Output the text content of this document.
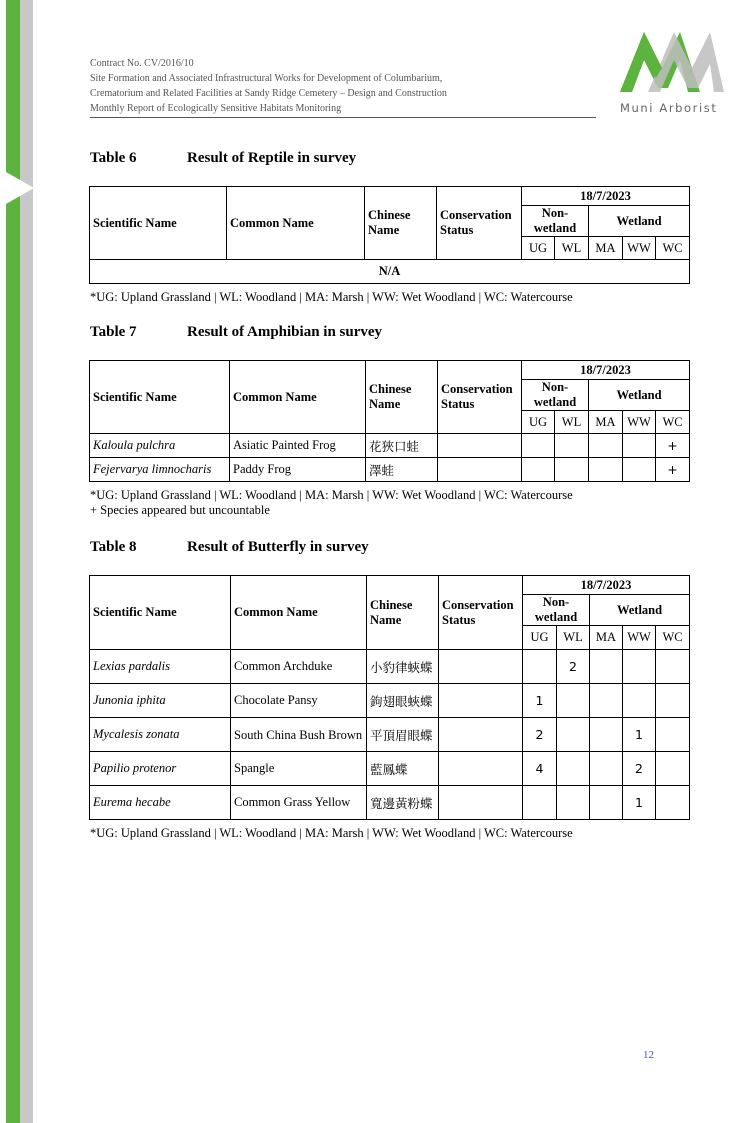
Contract No. CV/2016/10
Site Formation and Associated Infrastructural Works for Development of Columbarium,
Crematorium and Related Facilities at Sandy Ridge Cemetery – Design and Construction
Monthly Report of Ecologically Sensitive Habitats Monitoring	Muni Arborist
Table 6	Result of Reptile in survey
Scientific Name	Common Name	Chinese Name	Conservation Status	18/7/2023				
				Non-wetland		Wetland		
				UG	WL	MA	WW	WC
N/A								
*UG: Upland Grassland | WL: Woodland | MA: Marsh | WW: Wet Woodland | WC: Watercourse
Table 7	Result of Amphibian in survey
Scientific Name	Common Name	Chinese Name	Conservation Status	18/7/2023				
				Non-wetland		Wetland		
				UG	WL	MA	WW	WC
Kaloula pulchra	Asiatic Painted Frog	花狹口蛙						+
Fejervarya limnocharis	Paddy Frog	澤蛙						+
*UG: Upland Grassland | WL: Woodland | MA: Marsh | WW: Wet Woodland | WC: Watercourse
+ Species appeared but uncountable
Table 8	Result of Butterfly in survey
Scientific Name	Common Name	Chinese Name	Conservation Status	18/7/2023				
				Non-wetland		Wetland		
				UG	WL	MA	WW	WC
Lexias pardalis	Common Archduke	小豹律蛺蝶			2			
Junonia iphita	Chocolate Pansy	鉤翅眼蛺蝶		1				
Mycalesis zonata	South China Bush Brown	平頂眉眼蝶		2			1	
Papilio protenor	Spangle	藍鳳蝶		4			2	
Eurema hecabe	Common Grass Yellow	寬邊黃粉蝶					1	
*UG: Upland Grassland | WL: Woodland | MA: Marsh | WW: Wet Woodland | WC: Watercourse
12
